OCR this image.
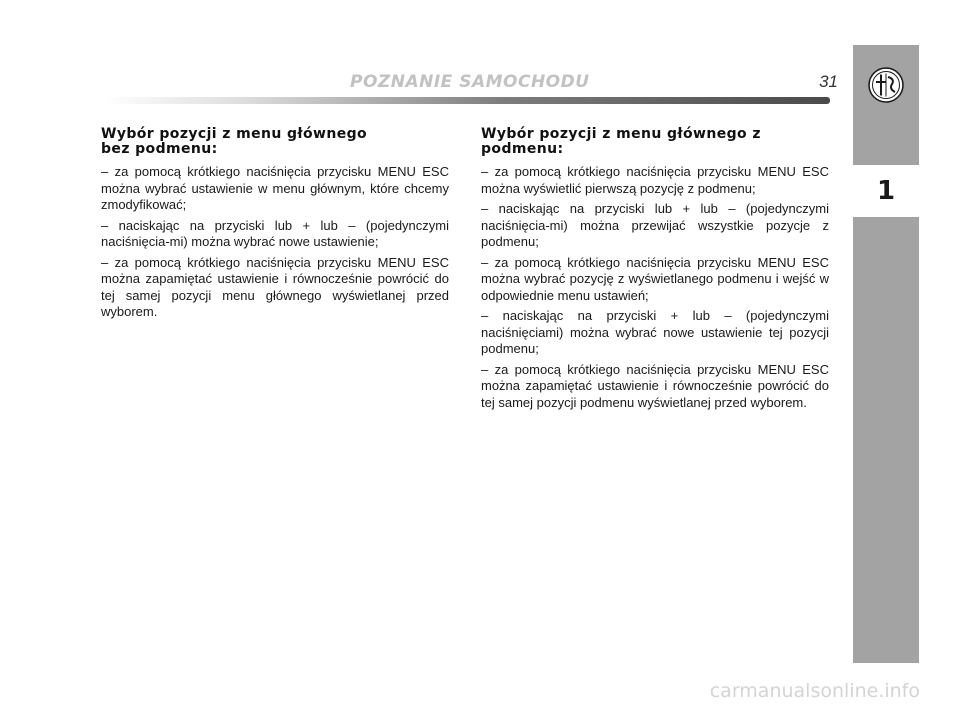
POZNANIE SAMOCHODU	31
Wybór pozycji z menu głównego
bez podmenu:

– za pomocą krótkiego naciśnięcia przycisku MENU ESC można wybrać ustawienie w menu głównym, które chcemy zmodyfikować;

– naciskając na przyciski lub + lub – (pojedynczymi naciśnięcia-mi) można wybrać nowe ustawienie;

– za pomocą krótkiego naciśnięcia przycisku MENU ESC można zapamiętać ustawienie i równocześnie powrócić do tej samej pozycji menu głównego wyświetlanej przed wyborem.

Wybór pozycji z menu głównego z podmenu:

– za pomocą krótkiego naciśnięcia przycisku MENU ESC można wyświetlić pierwszą pozycję z podmenu;

– naciskając na przyciski lub + lub – (pojedynczymi naciśnięcia-mi) można przewijać wszystkie pozycje z podmenu;

– za pomocą krótkiego naciśnięcia przycisku MENU ESC można wybrać pozycję z wyświetlanego podmenu i wejść w odpowiednie menu ustawień;

– naciskając na przyciski + lub – (pojedynczymi naciśnięciami) można wybrać nowe ustawienie tej pozycji podmenu;

– za pomocą krótkiego naciśnięcia przycisku MENU ESC można zapamiętać ustawienie i równocześnie powrócić do tej samej pozycji podmenu wyświetlanej przed wyborem.

1
carmanualsonline.info
